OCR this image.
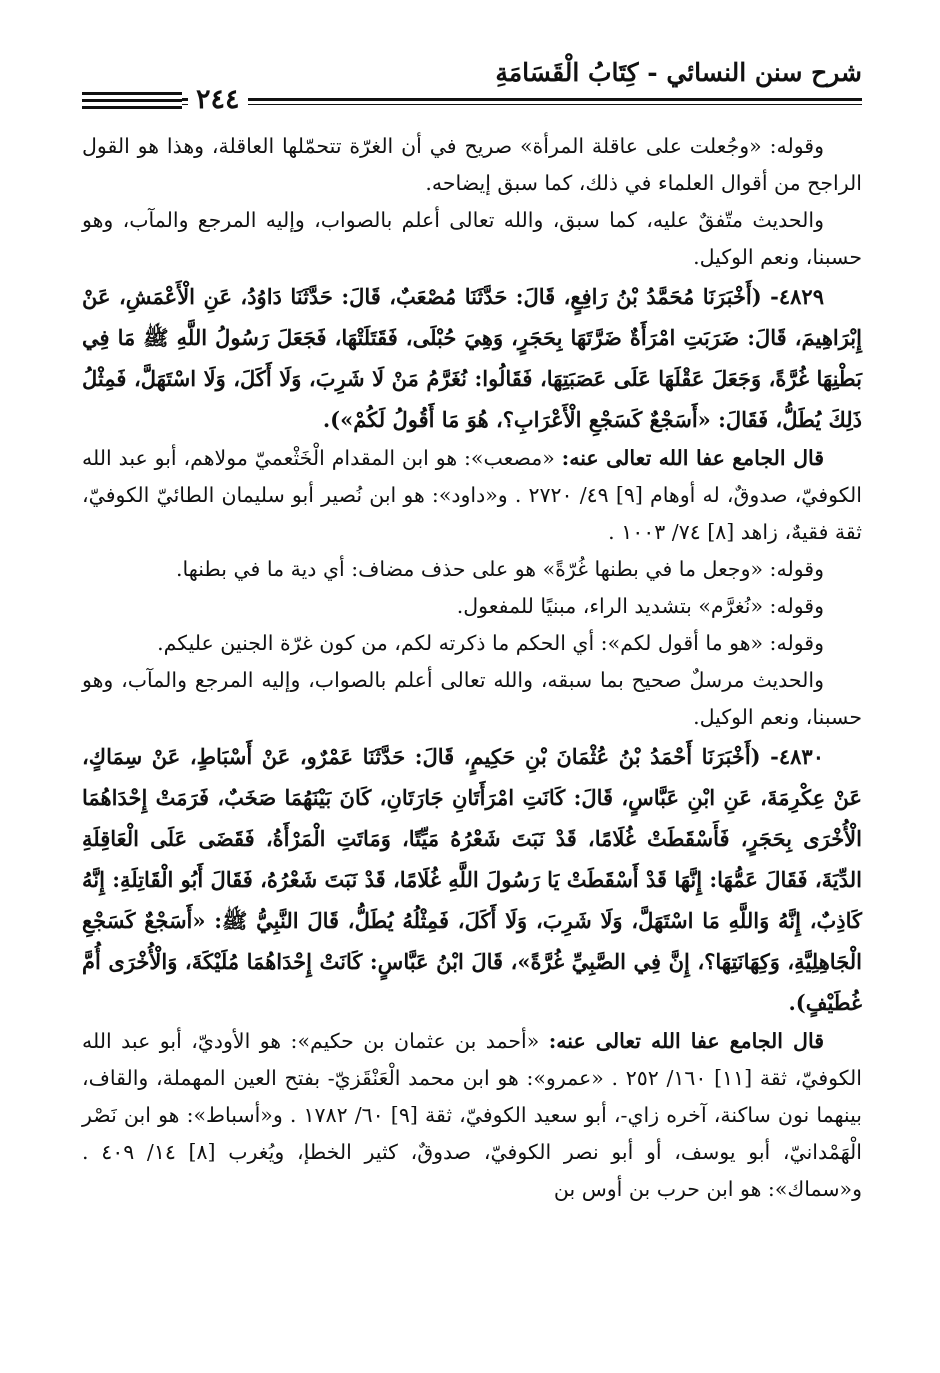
شرح سنن النسائي - كِتَابُ الْقَسَامَةِ
٢٤٤

وقوله: «وجُعلت على عاقلة المرأة» صريح في أن الغرّة تتحمّلها العاقلة، وهذا هو القول الراجح من أقوال العلماء في ذلك، كما سبق إيضاحه.

والحديث متّفقٌ عليه، كما سبق، والله تعالى أعلم بالصواب، وإليه المرجع والمآب، وهو حسبنا، ونعم الوكيل.

٤٨٢٩- (أَخْبَرَنَا مُحَمَّدُ بْنُ رَافِعٍ، قَالَ: حَدَّثَنَا مُصْعَبٌ، قَالَ: حَدَّثَنَا دَاوُدُ، عَنِ الْأَعْمَشِ، عَنْ إِبْرَاهِيمَ، قَالَ: ضَرَبَتِ امْرَأَةٌ ضَرَّتَهَا بِحَجَرٍ، وَهِيَ حُبْلَى، فَقَتَلَتْهَا، فَجَعَلَ رَسُولُ اللَّهِ ﷺ مَا فِي بَطْنِهَا غُرَّةً، وَجَعَلَ عَقْلَهَا عَلَى عَصَبَتِهَا، فَقَالُوا: نُغَرَّمُ مَنْ لَا شَرِبَ، وَلَا أَكَلَ، وَلَا اسْتَهَلَّ، فَمِثْلُ ذَلِكَ يُطَلُّ، فَقَالَ: «أَسَجْعٌ كَسَجْعِ الْأَعْرَابِ؟، هُوَ مَا أَقُولُ لَكُمْ»).

قال الجامع عفا الله تعالى عنه: «مصعب»: هو ابن المقدام الْخَثْعميّ مولاهم، أبو عبد الله الكوفيّ، صدوقٌ، له أوهام [٩] ٤٩/ ٢٧٢٠ . و«داود»: هو ابن نُصير أبو سليمان الطائيّ الكوفيّ، ثقة فقيهٌ، زاهد [٨] ٧٤/ ١٠٠٣ .

وقوله: «وجعل ما في بطنها غُرّةً» هو على حذف مضاف: أي دية ما في بطنها.

وقوله: «نُغرَّم» بتشديد الراء، مبنيًا للمفعول.

وقوله: «هو ما أقول لكم»: أي الحكم ما ذكرته لكم، من كون غرّة الجنين عليكم.

والحديث مرسلٌ صحيح بما سبقه، والله تعالى أعلم بالصواب، وإليه المرجع والمآب، وهو حسبنا، ونعم الوكيل.

٤٨٣٠- (أَخْبَرَنَا أَحْمَدُ بْنُ عُثْمَانَ بْنِ حَكِيمٍ، قَالَ: حَدَّثَنَا عَمْرٌو، عَنْ أَسْبَاطٍ، عَنْ سِمَاكٍ، عَنْ عِكْرِمَةَ، عَنِ ابْنِ عَبَّاسٍ، قَالَ: كَانَتِ امْرَأَتَانِ جَارَتَانِ، كَانَ بَيْنَهُمَا صَخَبٌ، فَرَمَتْ إِحْدَاهُمَا الْأُخْرَى بِحَجَرٍ، فَأَسْقَطَتْ غُلَامًا، قَدْ نَبَتَ شَعْرُهُ مَيِّتًا، وَمَاتَتِ الْمَرْأَةُ، فَقَضَى عَلَى الْعَاقِلَةِ الدِّيَةَ، فَقَالَ عَمُّهَا: إِنَّهَا قَدْ أَسْقَطَتْ يَا رَسُولَ اللَّهِ غُلَامًا، قَدْ نَبَتَ شَعْرُهُ، فَقَالَ أَبُو الْقَاتِلَةِ: إِنَّهُ كَاذِبٌ، إِنَّهُ وَاللَّهِ مَا اسْتَهَلَّ، وَلَا شَرِبَ، وَلَا أَكَلَ، فَمِثْلُهُ يُطَلُّ، قَالَ النَّبِيُّ ﷺ: «أَسَجْعٌ كَسَجْعِ الْجَاهِلِيَّةِ، وَكِهَانَتِهَا؟، إِنَّ فِي الصَّبِيِّ غُرَّةً»، قَالَ ابْنُ عَبَّاسٍ: كَانَتْ إِحْدَاهُمَا مُلَيْكَةَ، وَالْأُخْرَى أُمَّ غُطَيْفٍ).

قال الجامع عفا الله تعالى عنه: «أحمد بن عثمان بن حكيم»: هو الأوديّ، أبو عبد الله الكوفيّ، ثقة [١١] ١٦٠/ ٢٥٢ . «عمرو»: هو ابن محمد الْعَنْقَزيّ- بفتح العين المهملة، والقاف، بينهما نون ساكنة، آخره زاي-، أبو سعيد الكوفيّ، ثقة [٩] ٦٠/ ١٧٨٢ . و«أسباط»: هو ابن نَصْر الْهَمْدانيّ، أبو يوسف، أو أبو نصر الكوفيّ، صدوقٌ، كثير الخطإ، ويُغرب [٨] ١٤/ ٤٠٩ . و«سماك»: هو ابن حرب بن أوس بن
